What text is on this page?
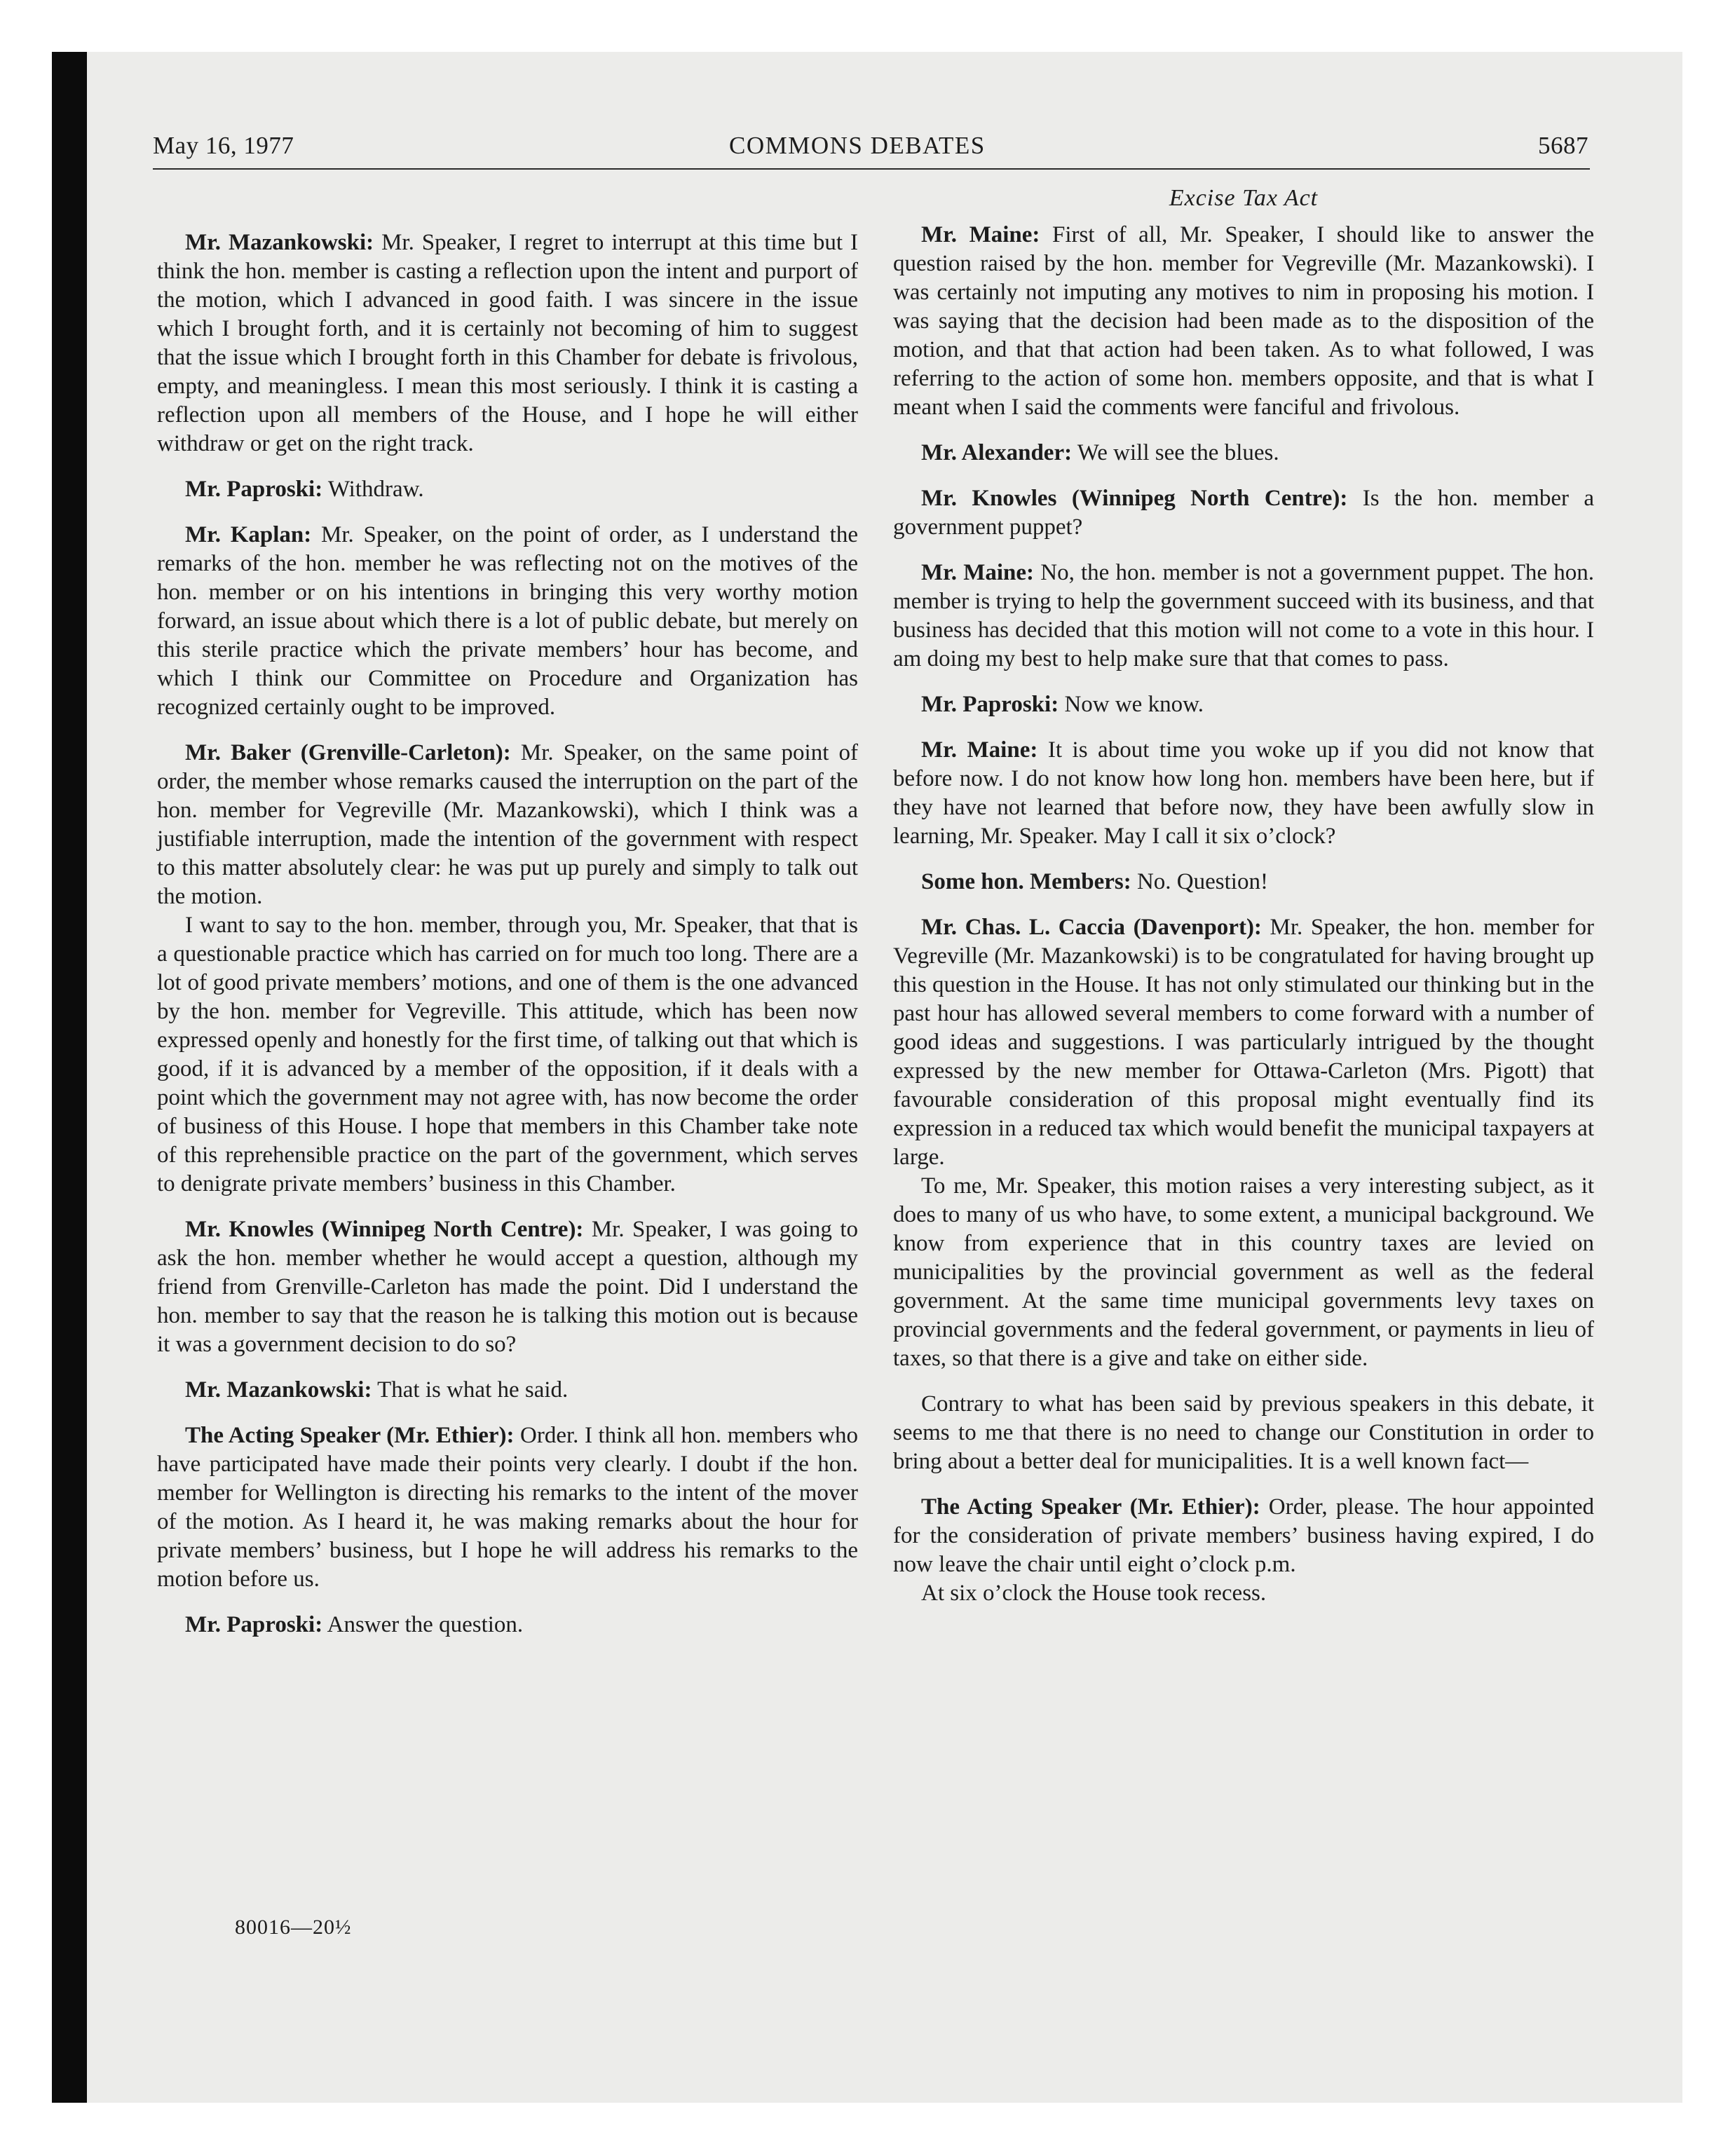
May 16, 1977	COMMONS DEBATES	5687

Mr. Mazankowski: Mr. Speaker, I regret to interrupt at this time but I think the hon. member is casting a reflection upon the intent and purport of the motion, which I advanced in good faith. I was sincere in the issue which I brought forth, and it is certainly not becoming of him to suggest that the issue which I brought forth in this Chamber for debate is frivolous, empty, and meaningless. I mean this most seriously. I think it is casting a reflection upon all members of the House, and I hope he will either withdraw or get on the right track.

Mr. Paproski: Withdraw.

Mr. Kaplan: Mr. Speaker, on the point of order, as I understand the remarks of the hon. member he was reflecting not on the motives of the hon. member or on his intentions in bringing this very worthy motion forward, an issue about which there is a lot of public debate, but merely on this sterile practice which the private members’ hour has become, and which I think our Committee on Procedure and Organization has recognized certainly ought to be improved.

Mr. Baker (Grenville-Carleton): Mr. Speaker, on the same point of order, the member whose remarks caused the interruption on the part of the hon. member for Vegreville (Mr. Mazankowski), which I think was a justifiable interruption, made the intention of the government with respect to this matter absolutely clear: he was put up purely and simply to talk out the motion.

I want to say to the hon. member, through you, Mr. Speaker, that that is a questionable practice which has carried on for much too long. There are a lot of good private members’ motions, and one of them is the one advanced by the hon. member for Vegreville. This attitude, which has been now expressed openly and honestly for the first time, of talking out that which is good, if it is advanced by a member of the opposition, if it deals with a point which the government may not agree with, has now become the order of business of this House. I hope that members in this Chamber take note of this reprehensible practice on the part of the government, which serves to denigrate private members’ business in this Chamber.

Mr. Knowles (Winnipeg North Centre): Mr. Speaker, I was going to ask the hon. member whether he would accept a question, although my friend from Grenville-Carleton has made the point. Did I understand the hon. member to say that the reason he is talking this motion out is because it was a government decision to do so?

Mr. Mazankowski: That is what he said.

The Acting Speaker (Mr. Ethier): Order. I think all hon. members who have participated have made their points very clearly. I doubt if the hon. member for Wellington is directing his remarks to the intent of the mover of the motion. As I heard it, he was making remarks about the hour for private members’ business, but I hope he will address his remarks to the motion before us.

Mr. Paproski: Answer the question.

Excise Tax Act

Mr. Maine: First of all, Mr. Speaker, I should like to answer the question raised by the hon. member for Vegreville (Mr. Mazankowski). I was certainly not imputing any motives to nim in proposing his motion. I was saying that the decision had been made as to the disposition of the motion, and that that action had been taken. As to what followed, I was referring to the action of some hon. members opposite, and that is what I meant when I said the comments were fanciful and frivolous.

Mr. Alexander: We will see the blues.

Mr. Knowles (Winnipeg North Centre): Is the hon. member a government puppet?

Mr. Maine: No, the hon. member is not a government puppet. The hon. member is trying to help the government succeed with its business, and that business has decided that this motion will not come to a vote in this hour. I am doing my best to help make sure that that comes to pass.

Mr. Paproski: Now we know.

Mr. Maine: It is about time you woke up if you did not know that before now. I do not know how long hon. members have been here, but if they have not learned that before now, they have been awfully slow in learning, Mr. Speaker. May I call it six o’clock?

Some hon. Members: No. Question!

Mr. Chas. L. Caccia (Davenport): Mr. Speaker, the hon. member for Vegreville (Mr. Mazankowski) is to be congratulated for having brought up this question in the House. It has not only stimulated our thinking but in the past hour has allowed several members to come forward with a number of good ideas and suggestions. I was particularly intrigued by the thought expressed by the new member for Ottawa-Carleton (Mrs. Pigott) that favourable consideration of this proposal might eventually find its expression in a reduced tax which would benefit the municipal taxpayers at large.

To me, Mr. Speaker, this motion raises a very interesting subject, as it does to many of us who have, to some extent, a municipal background. We know from experience that in this country taxes are levied on municipalities by the provincial government as well as the federal government. At the same time municipal governments levy taxes on provincial governments and the federal government, or payments in lieu of taxes, so that there is a give and take on either side.

Contrary to what has been said by previous speakers in this debate, it seems to me that there is no need to change our Constitution in order to bring about a better deal for municipalities. It is a well known fact—

The Acting Speaker (Mr. Ethier): Order, please. The hour appointed for the consideration of private members’ business having expired, I do now leave the chair until eight o’clock p.m.

At six o’clock the House took recess.

80016—20½
